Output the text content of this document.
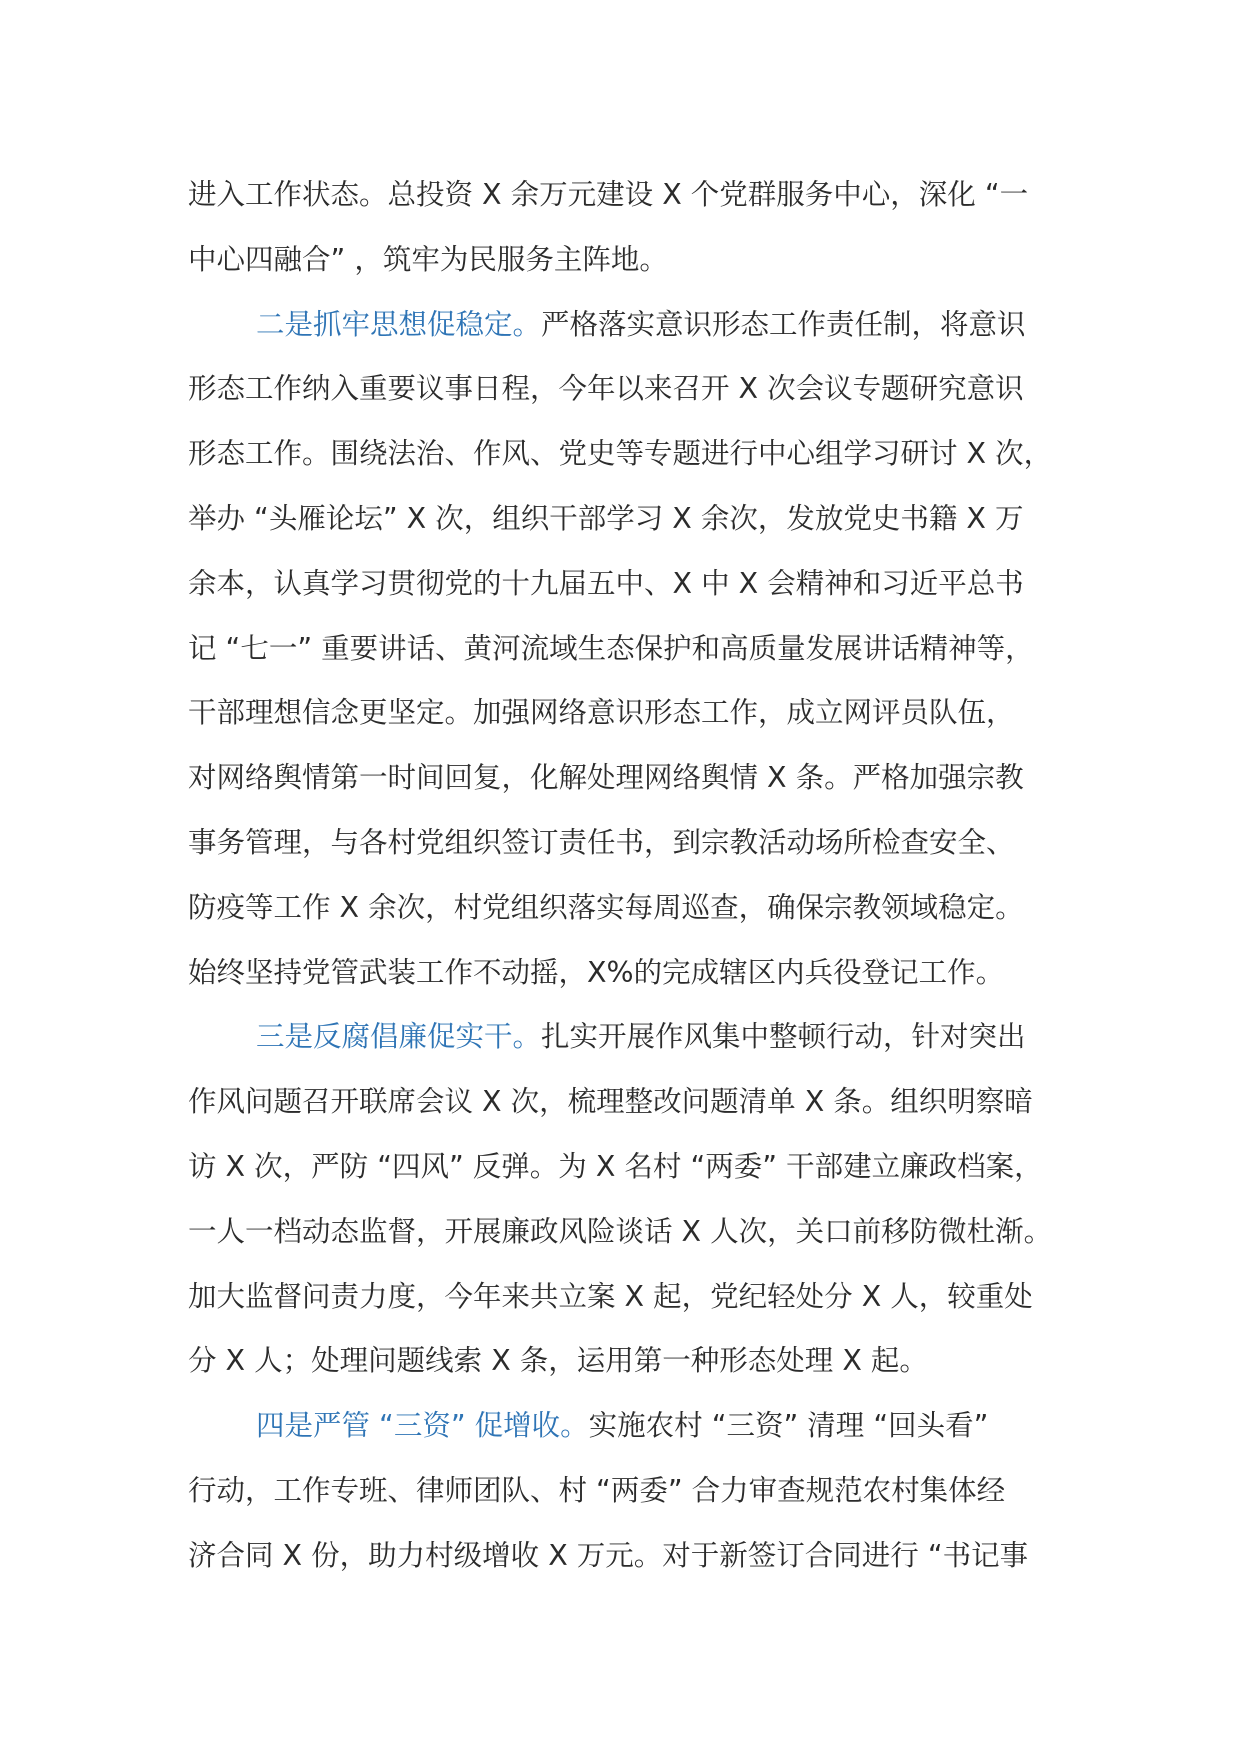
进入工作状态。总投资 X 余万元建设 X 个党群服务中心，深化 “一
中心四融合” ，筑牢为民服务主阵地。
二是抓牢思想促稳定。严格落实意识形态工作责任制，将意识
形态工作纳入重要议事日程，今年以来召开 X 次会议专题研究意识
形态工作。围绕法治、作风、党史等专题进行中心组学习研讨 X 次，
举办 “头雁论坛” X 次，组织干部学习 X 余次，发放党史书籍 X 万
余本，认真学习贯彻党的十九届五中、X 中 X 会精神和习近平总书
记 “七一” 重要讲话、黄河流域生态保护和高质量发展讲话精神等，
干部理想信念更坚定。加强网络意识形态工作，成立网评员队伍，
对网络舆情第一时间回复，化解处理网络舆情 X 条。严格加强宗教
事务管理，与各村党组织签订责任书，到宗教活动场所检查安全、
防疫等工作 X 余次，村党组织落实每周巡查，确保宗教领域稳定。
始终坚持党管武装工作不动摇，X%的完成辖区内兵役登记工作。
三是反腐倡廉促实干。扎实开展作风集中整顿行动，针对突出
作风问题召开联席会议 X 次，梳理整改问题清单 X 条。组织明察暗
访 X 次，严防 “四风” 反弹。为 X 名村 “两委” 干部建立廉政档案，
一人一档动态监督，开展廉政风险谈话 X 人次，关口前移防微杜渐。
加大监督问责力度，今年来共立案 X 起，党纪轻处分 X 人，较重处
分 X 人；处理问题线索 X 条，运用第一种形态处理 X 起。
四是严管 “三资” 促增收。实施农村 “三资” 清理 “回头看”
行动，工作专班、律师团队、村 “两委” 合力审查规范农村集体经
济合同 X 份，助力村级增收 X 万元。对于新签订合同进行 “书记事
